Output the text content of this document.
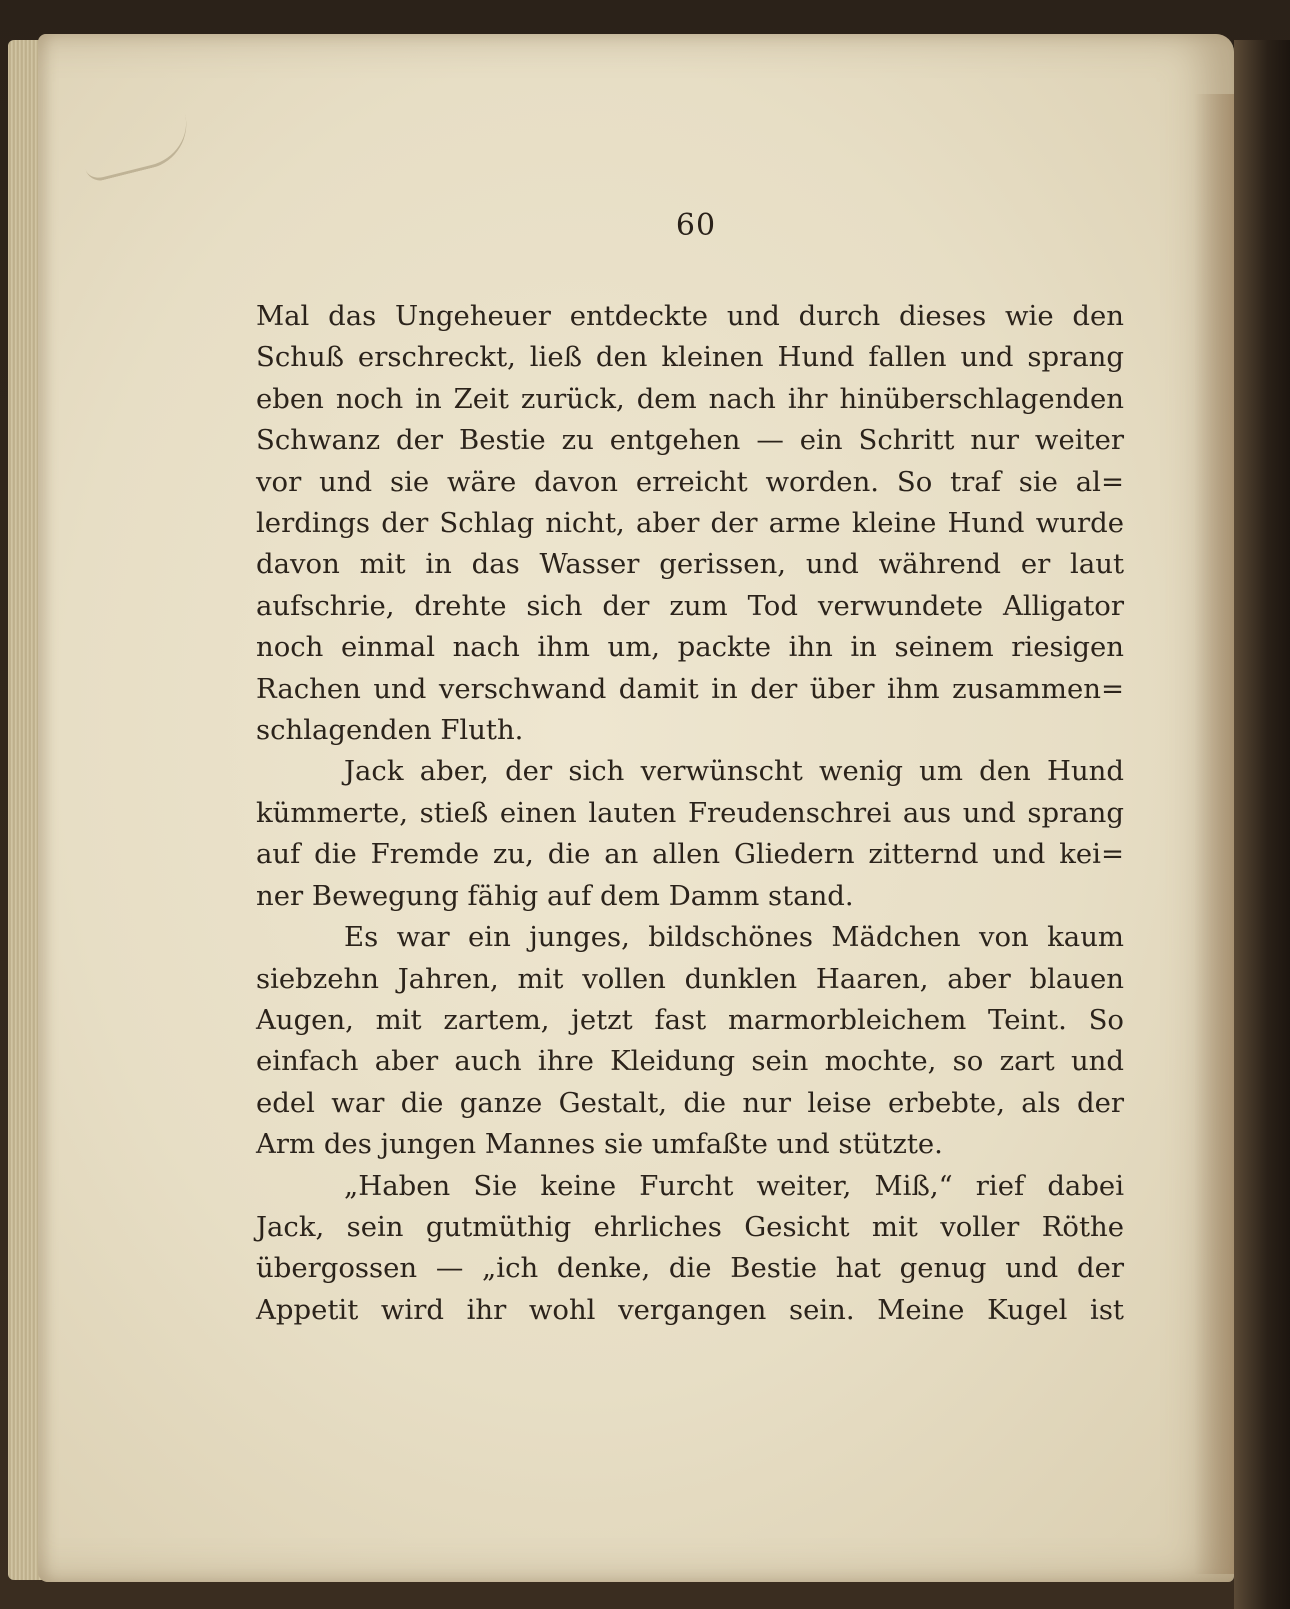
60
Mal das Ungeheuer entdeckte und durch dieses wie den
Schuß erschreckt, ließ den kleinen Hund fallen und sprang
eben noch in Zeit zurück, dem nach ihr hinüberschlagenden
Schwanz der Bestie zu entgehen — ein Schritt nur weiter
vor und sie wäre davon erreicht worden. So traf sie al=
lerdings der Schlag nicht, aber der arme kleine Hund wurde
davon mit in das Wasser gerissen, und während er laut
aufschrie, drehte sich der zum Tod verwundete Alligator
noch einmal nach ihm um, packte ihn in seinem riesigen
Rachen und verschwand damit in der über ihm zusammen=
schlagenden Fluth.
Jack aber, der sich verwünscht wenig um den Hund
kümmerte, stieß einen lauten Freudenschrei aus und sprang
auf die Fremde zu, die an allen Gliedern zitternd und kei=
ner Bewegung fähig auf dem Damm stand.
Es war ein junges, bildschönes Mädchen von kaum
siebzehn Jahren, mit vollen dunklen Haaren, aber blauen
Augen, mit zartem, jetzt fast marmorbleichem Teint. So
einfach aber auch ihre Kleidung sein mochte, so zart und
edel war die ganze Gestalt, die nur leise erbebte, als der
Arm des jungen Mannes sie umfaßte und stützte.
„Haben Sie keine Furcht weiter, Miß,“ rief dabei
Jack, sein gutmüthig ehrliches Gesicht mit voller Röthe
übergossen — „ich denke, die Bestie hat genug und der
Appetit wird ihr wohl vergangen sein. Meine Kugel ist
